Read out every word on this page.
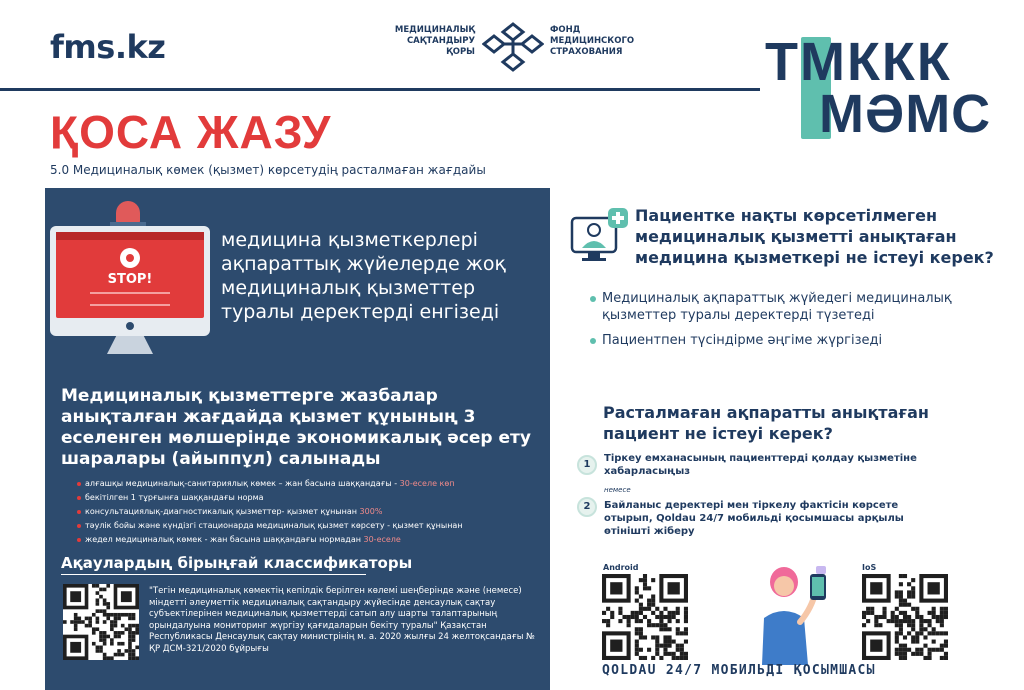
fms.kz	МЕДИЦИНАЛЫҚ
САҚТАНДЫРУ
ҚОРЫ
ФОНД
МЕДИЦИНСКОГО
СТРАХОВАНИЯ	ТМККК
МӘМС
ҚОСА ЖАЗУ
5.0 Медициналық көмек (қызмет) көрсетудің расталмаған жағдайы
STOP!
медицина қызметкерлері ақпараттық жүйелерде жоқ медициналық қызметтер туралы деректерді енгізеді
Медициналық қызметтерге жазбалар анықталған жағдайда қызмет құнының 3 еселенген мөлшерінде экономикалық әсер ету шаралары (айыппұл) салынады
алғашқы медициналық-санитариялық көмек – жан басына шаққандағы - 30-еселе көп
бекітілген 1 тұрғынға шаққандағы норма
консультациялық-диагностикалық қызметтер- қызмет құнынан 300%
тәулік бойы және күндізгі стационарда медициналық қызмет көрсету - қызмет құнынан
жедел медициналық көмек - жан басына шаққандағы нормадан 30-еселе
Ақаулардың бірыңғай классификаторы
"Тегін медициналық көмектің кепілдік берілген көлемі шеңберінде және (немесе) міндетті әлеуметтік медициналық сақтандыру жүйесінде денсаулық сақтау субъектілерінен медициналық қызметтерді сатып алу шарты талаптарының орындалуына мониторинг жүргізу қағидаларын бекіту туралы" Қазақстан Республикасы Денсаулық сақтау министрінің м. а. 2020 жылғы 24 желтоқсандағы № ҚР ДСМ-321/2020 бұйрығы
Пациентке нақты көрсетілмеген медициналық қызметті анықтаған медицина қызметкері не істеуі керек?
Медициналық ақпараттық жүйедегі медициналық қызметтер туралы деректерді түзетеді
Пациентпен түсіндірме әңгіме жүргізеді
Расталмаған ақпаратты анықтаған пациент не істеуі керек?
1
Тіркеу емханасының пациенттерді қолдау қызметіне хабарласыңыз
немесе
2	Байланыс деректері мен тіркелу фактісін көрсете отырып, Qoldau 24/7 мобильді қосымшасы арқылы өтінішті жіберу
Android	IoS
QOLDAU 24/7 МОБИЛЬДІ ҚОСЫМШАСЫ
